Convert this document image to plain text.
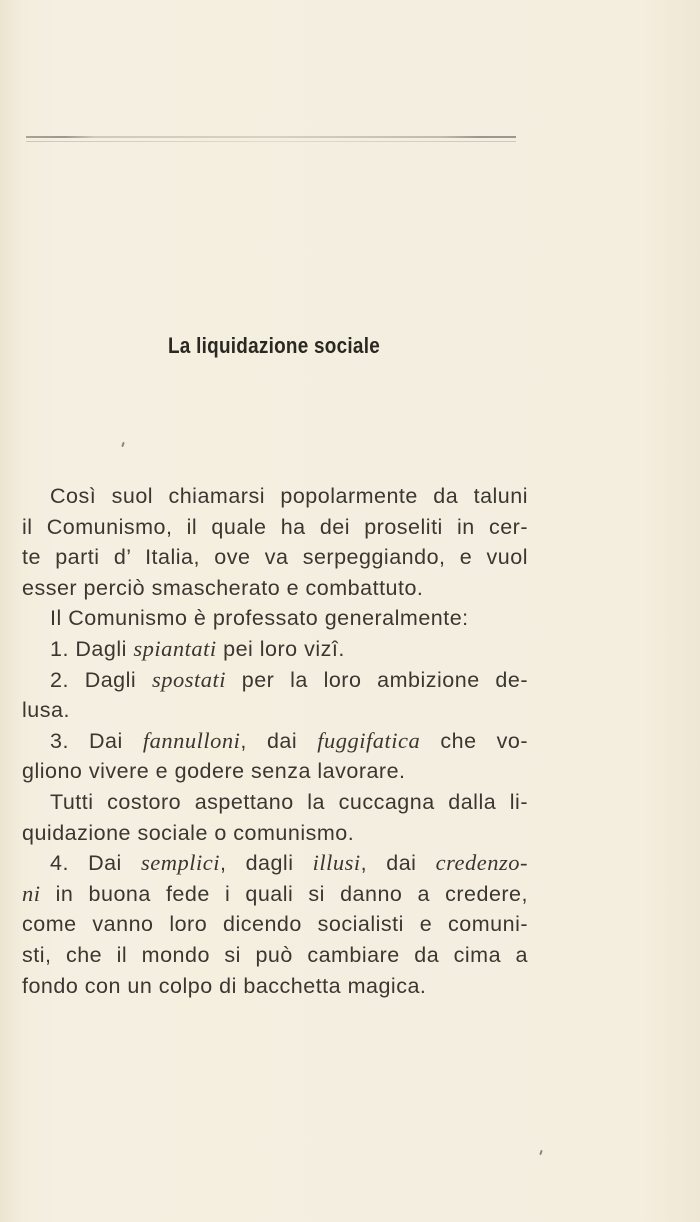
La liquidazione sociale
Così suol chiamarsi popolarmente da taluni
il Comunismo, il quale ha dei proseliti in cer-
te parti d’ Italia, ove va serpeggiando, e vuol
esser perciò smascherato e combattuto.
Il Comunismo è professato generalmente:
1. Dagli spiantati pei loro vizî.
2. Dagli spostati per la loro ambizione de-
lusa.
3. Dai fannulloni, dai fuggifatica che vo-
gliono vivere e godere senza lavorare.
Tutti costoro aspettano la cuccagna dalla li-
quidazione sociale o comunismo.
4. Dai semplici, dagli illusi, dai credenzo-
ni in buona fede i quali si danno a credere,
come vanno loro dicendo socialisti e comuni-
sti, che il mondo si può cambiare da cima a
fondo con un colpo di bacchetta magica.
